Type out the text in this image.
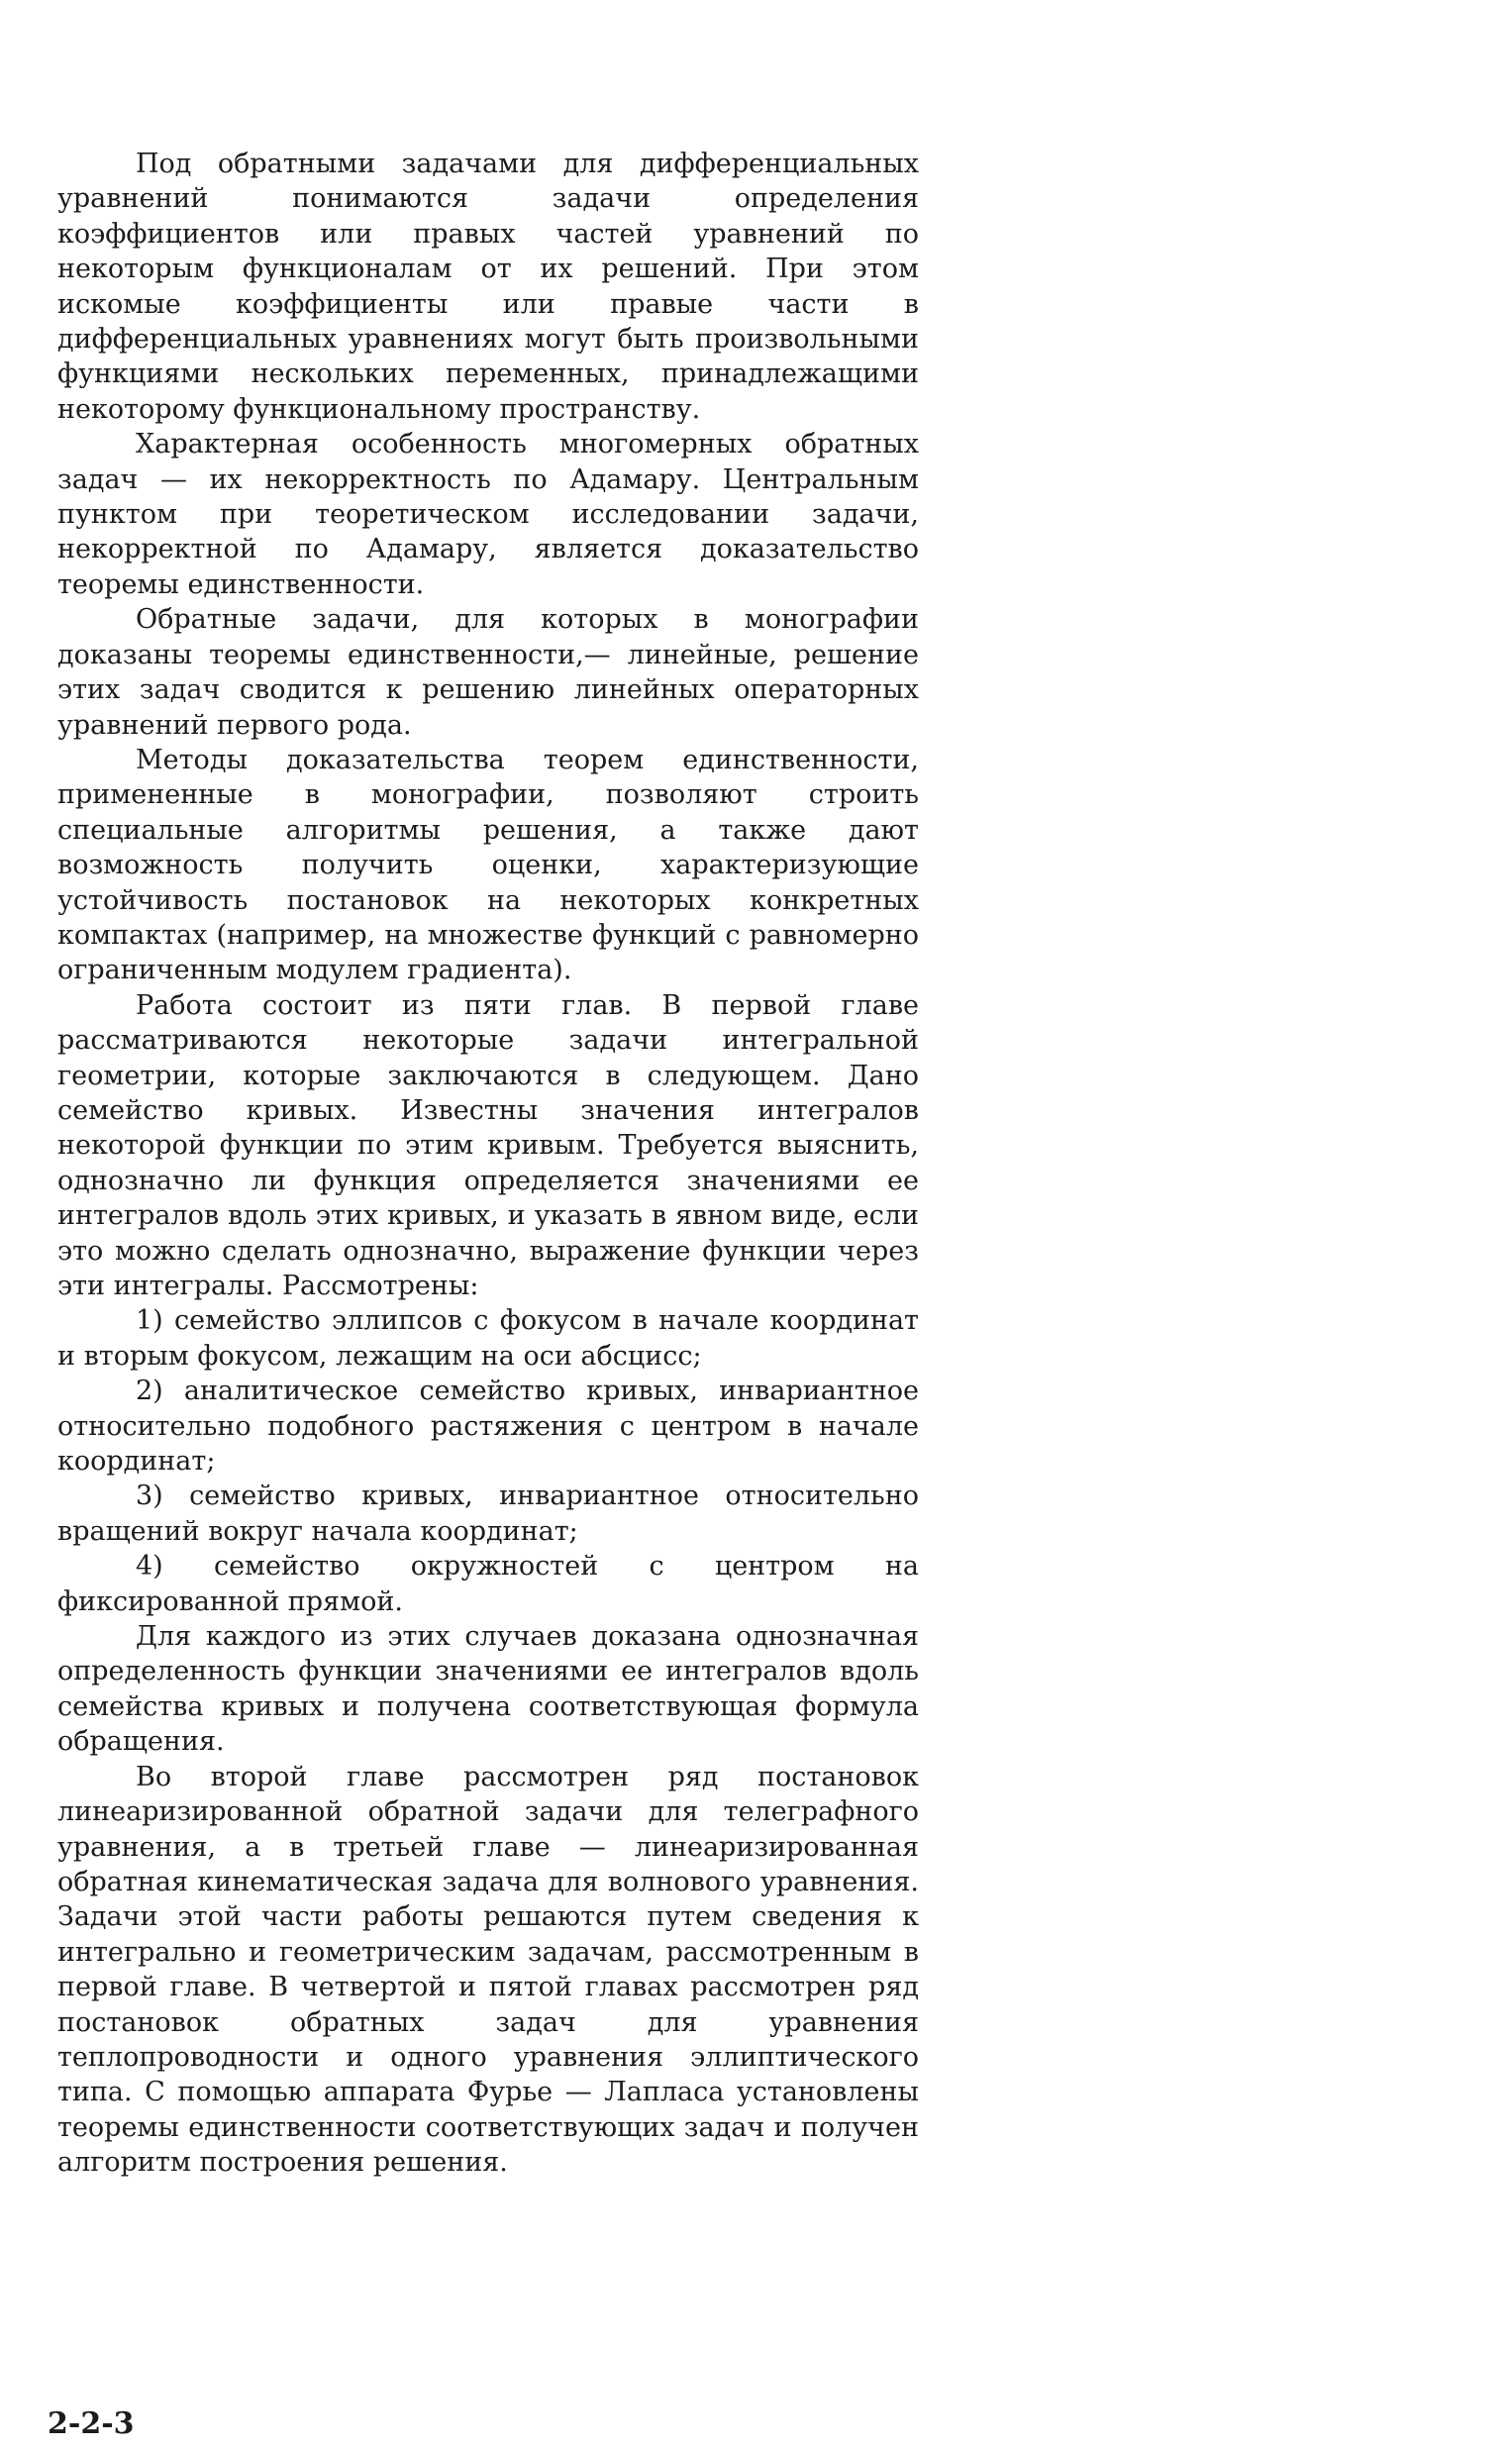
Под обратными задачами для дифференциальных уравнений понимаются задачи определения коэффициентов или правых частей уравнений по некоторым функционалам от их решений. При этом искомые коэффициенты или правые части в дифференциальных уравнениях могут быть произвольными функциями нескольких переменных, принадлежащими некоторому функциональному пространству.

Характерная особенность многомерных обратных задач — их некорректность по Адамару. Центральным пунктом при теоретическом исследовании задачи, некорректной по Адамару, является доказательство теоремы единственности.

Обратные задачи, для которых в монографии доказаны теоремы единственности,— линейные, решение этих задач сводится к решению линейных операторных уравнений первого рода.

Методы доказательства теорем единственности, примененные в монографии, позволяют строить специальные алгоритмы решения, а также дают возможность получить оценки, характеризующие устойчивость постановок на некоторых конкретных компактах (например, на множестве функций с равномерно ограниченным модулем градиента).

Работа состоит из пяти глав. В первой главе рассматриваются некоторые задачи интегральной геометрии, которые заключаются в следующем. Дано семейство кривых. Известны значения интегралов некоторой функции по этим кривым. Требуется выяснить, однозначно ли функция определяется значениями ее интегралов вдоль этих кривых, и указать в явном виде, если это можно сделать однозначно, выражение функции через эти интегралы. Рассмотрены:

1) семейство эллипсов с фокусом в начале координат и вторым фокусом, лежащим на оси абсцисс;

2) аналитическое семейство кривых, инвариантное относительно подобного растяжения с центром в начале координат;

3) семейство кривых, инвариантное относительно вращений вокруг начала координат;

4) семейство окружностей с центром на фиксированной прямой.

Для каждого из этих случаев доказана однозначная определенность функции значениями ее интегралов вдоль семейства кривых и получена соответствующая формула обращения.

Во второй главе рассмотрен ряд постановок линеаризированной обратной задачи для телеграфного уравнения, а в третьей главе — линеаризированная обратная кинематическая задача для волнового уравнения. Задачи этой части работы решаются путем сведения к интегрально и геометрическим задачам, рассмотренным в первой главе. В четвертой и пятой главах рассмотрен ряд постановок обратных задач для уравнения теплопроводности и одного уравнения эллиптического типа. С помощью аппарата Фурье — Лапласа установлены теоремы единственности соответствующих задач и получен алгоритм построения решения.

2-2-3
